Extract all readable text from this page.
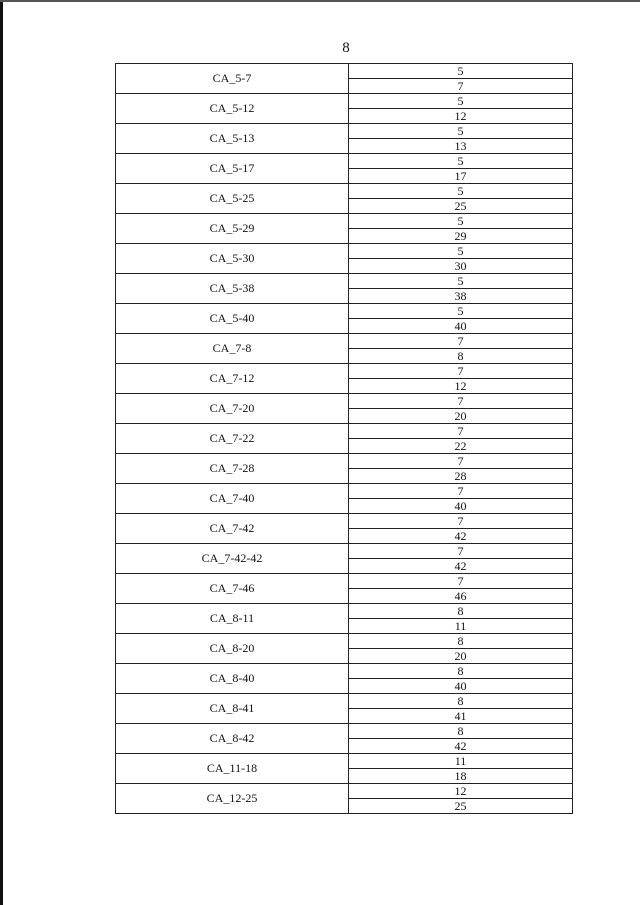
8
CA_5-7	5
	7
CA_5-12	5
	12
CA_5-13	5
	13
CA_5-17	5
	17
CA_5-25	5
	25
CA_5-29	5
	29
CA_5-30	5
	30
CA_5-38	5
	38
CA_5-40	5
	40
CA_7-8	7
	8
CA_7-12	7
	12
CA_7-20	7
	20
CA_7-22	7
	22
CA_7-28	7
	28
CA_7-40	7
	40
CA_7-42	7
	42
CA_7-42-42	7
	42
CA_7-46	7
	46
CA_8-11	8
	11
CA_8-20	8
	20
CA_8-40	8
	40
CA_8-41	8
	41
CA_8-42	8
	42
CA_11-18	11
	18
CA_12-25	12
	25
